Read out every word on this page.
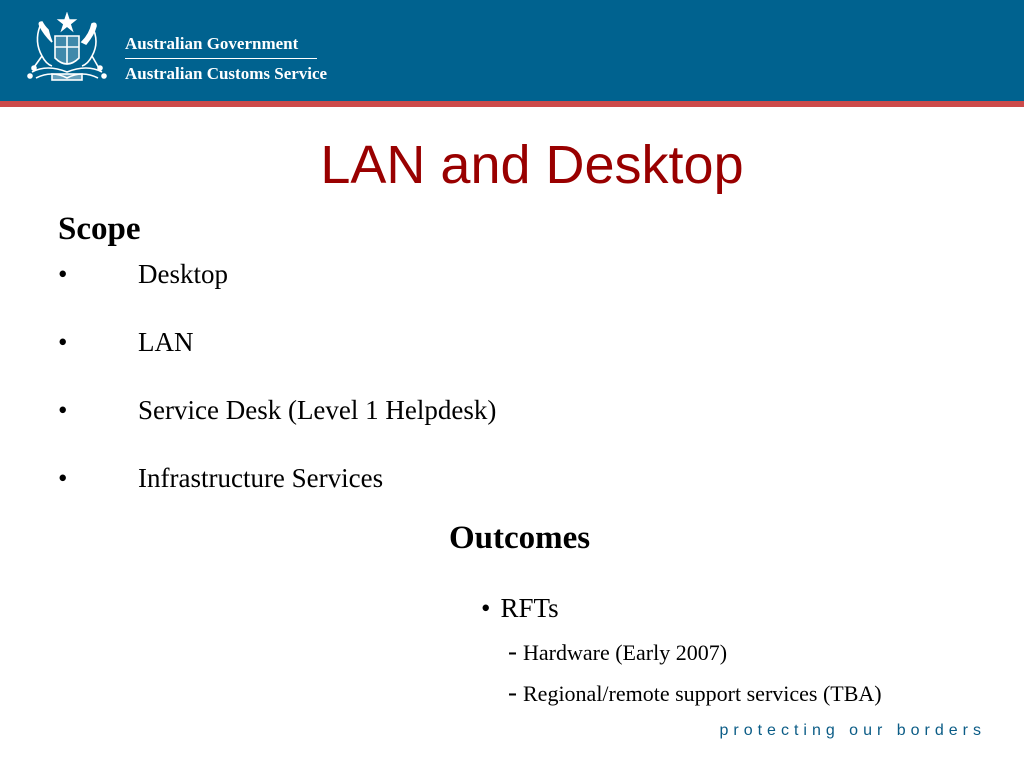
Australian Government
Australian Customs Service
LAN and Desktop
Scope
•	Desktop
•	LAN
•	Service Desk (Level 1 Helpdesk)
•	Infrastructure Services
Outcomes
• RFTs
- Hardware (Early 2007)
- Regional/remote support services (TBA)
protecting our borders
